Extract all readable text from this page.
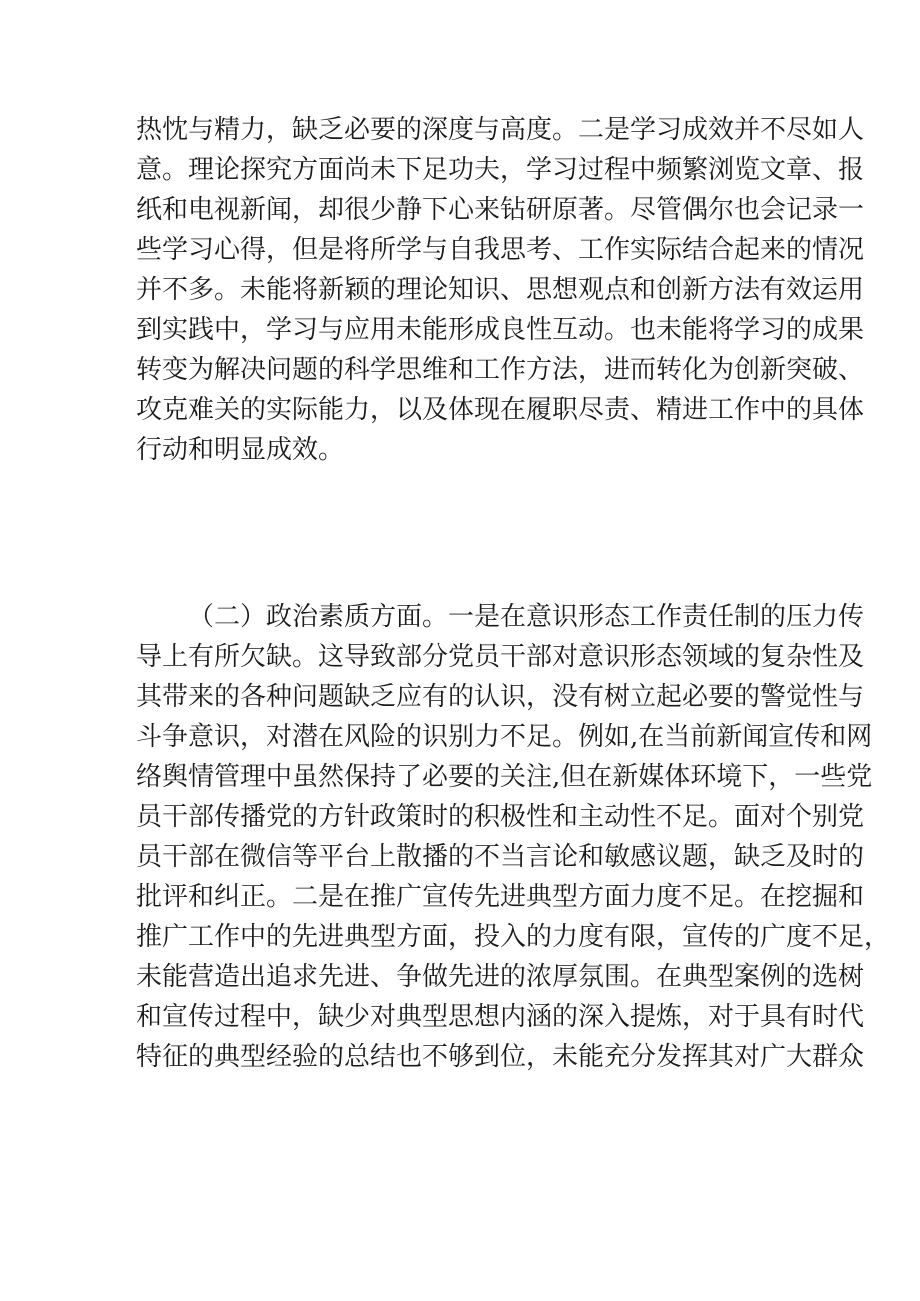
热忱与精力，缺乏必要的深度与高度。二是学习成效并不尽如人
意。理论探究方面尚未下足功夫，学习过程中频繁浏览文章、报
纸和电视新闻，却很少静下心来钻研原著。尽管偶尔也会记录一
些学习心得，但是将所学与自我思考、工作实际结合起来的情况
并不多。未能将新颖的理论知识、思想观点和创新方法有效运用
到实践中，学习与应用未能形成良性互动。也未能将学习的成果
转变为解决问题的科学思维和工作方法，进而转化为创新突破、
攻克难关的实际能力，以及体现在履职尽责、精进工作中的具体
行动和明显成效。
（二）政治素质方面。一是在意识形态工作责任制的压力传
导上有所欠缺。这导致部分党员干部对意识形态领域的复杂性及
其带来的各种问题缺乏应有的认识，没有树立起必要的警觉性与
斗争意识，对潜在风险的识别力不足。例如,在当前新闻宣传和网
络舆情管理中虽然保持了必要的关注,但在新媒体环境下，一些党
员干部传播党的方针政策时的积极性和主动性不足。面对个别党
员干部在微信等平台上散播的不当言论和敏感议题，缺乏及时的
批评和纠正。二是在推广宣传先进典型方面力度不足。在挖掘和
推广工作中的先进典型方面，投入的力度有限，宣传的广度不足，
未能营造出追求先进、争做先进的浓厚氛围。在典型案例的选树
和宣传过程中，缺少对典型思想内涵的深入提炼，对于具有时代
特征的典型经验的总结也不够到位，未能充分发挥其对广大群众
